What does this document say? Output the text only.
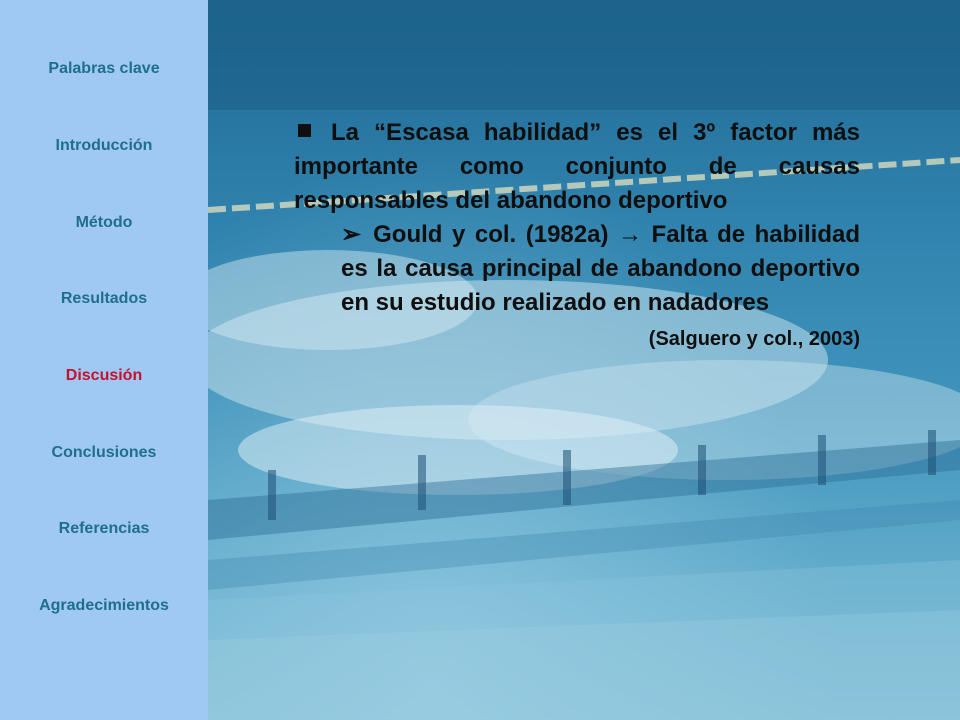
Palabras clave
Introducción
Método
Resultados
Discusión
Conclusiones
Referencias
Agradecimientos

La “Escasa habilidad” es el 3º factor más importante como conjunto de causas responsables del abandono deportivo

➢ Gould y col. (1982a) → Falta de habilidad es la causa principal de abandono deportivo en su estudio realizado en nadadores

(Salguero y col., 2003)
